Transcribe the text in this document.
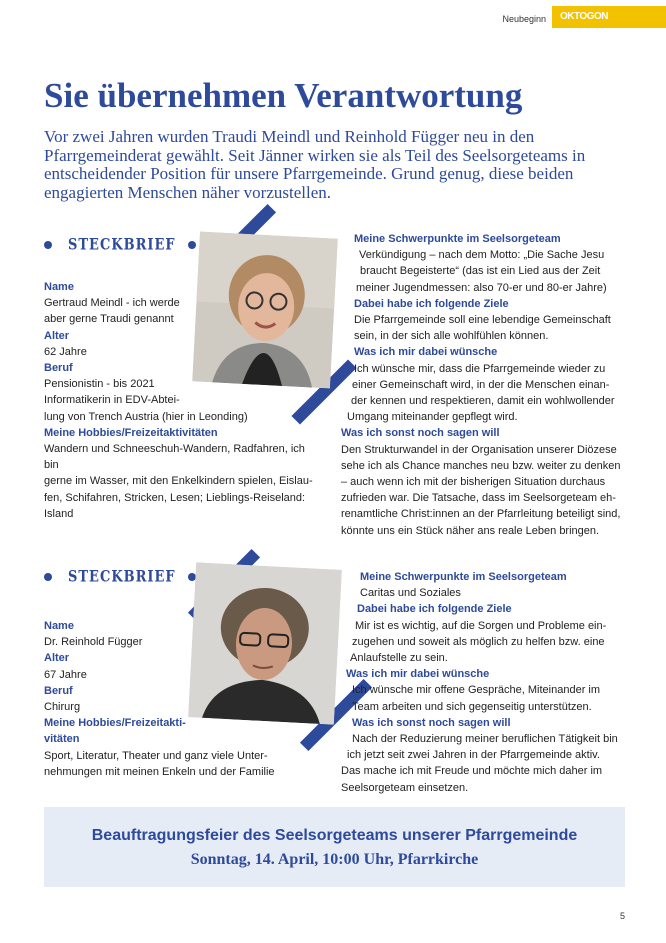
Neubeginn OKTOGON
Sie übernehmen Verantwortung
Vor zwei Jahren wurden Traudi Meindl und Reinhold Függer neu in den Pfarrgemeinderat gewählt. Seit Jänner wirken sie als Teil des Seelsorgeteams in entscheidender Position für unsere Pfarrgemeinde. Grund genug, diese beiden engagierten Menschen näher vorzustellen.
STECKBRIEF
Name
Gertraud Meindl - ich werde
aber gerne Traudi genannt
Alter
62 Jahre
Beruf
Pensionistin - bis 2021
Informatikerin in EDV-Abtei-
lung von Trench Austria (hier in Leonding)
Meine Hobbies/Freizeitaktivitäten
Wandern und Schneeschuh-Wandern, Radfahren, ich bin
gerne im Wasser, mit den Enkelkindern spielen, Eislau-
fen, Schifahren, Stricken, Lesen; Lieblings-Reiseland:
Island
Meine Schwerpunkte im Seelsorgeteam
Verkündigung – nach dem Motto: „Die Sache Jesu
braucht Begeisterte“ (das ist ein Lied aus der Zeit
meiner Jugendmessen: also 70-er und 80-er Jahre)
Dabei habe ich folgende Ziele
Die Pfarrgemeinde soll eine lebendige Gemeinschaft
sein, in der sich alle wohlfühlen können.
Was ich mir dabei wünsche
Ich wünsche mir, dass die Pfarrgemeinde wieder zu
einer Gemeinschaft wird, in der die Menschen einan-
der kennen und respektieren, damit ein wohlwollender
Umgang miteinander gepflegt wird.
Was ich sonst noch sagen will
Den Strukturwandel in der Organisation unserer Diözese
sehe ich als Chance manches neu bzw. weiter zu denken
– auch wenn ich mit der bisherigen Situation durchaus
zufrieden war. Die Tatsache, dass im Seelsorgeteam eh-
renamtliche Christ:innen an der Pfarrleitung beteiligt sind,
könnte uns ein Stück näher ans reale Leben bringen.
STECKBRIEF
Name
Dr. Reinhold Függer
Alter
67 Jahre
Beruf
Chirurg
Meine Hobbies/Freizeitakti-
vitäten
Sport, Literatur, Theater und ganz viele Unter-
nehmungen mit meinen Enkeln und der Familie
Meine Schwerpunkte im Seelsorgeteam
Caritas und Soziales
Dabei habe ich folgende Ziele
Mir ist es wichtig, auf die Sorgen und Probleme ein-
zugehen und soweit als möglich zu helfen bzw. eine
Anlaufstelle zu sein.
Was ich mir dabei wünsche
Ich wünsche mir offene Gespräche, Miteinander im
Team arbeiten und sich gegenseitig unterstützen.
Was ich sonst noch sagen will
Nach der Reduzierung meiner beruflichen Tätigkeit bin
ich jetzt seit zwei Jahren in der Pfarrgemeinde aktiv.
Das mache ich mit Freude und möchte mich daher im
Seelsorgeteam einsetzen.
Beauftragungsfeier des Seelsorgeteams unserer Pfarrgemeinde
Sonntag, 14. April, 10:00 Uhr, Pfarrkirche
5
